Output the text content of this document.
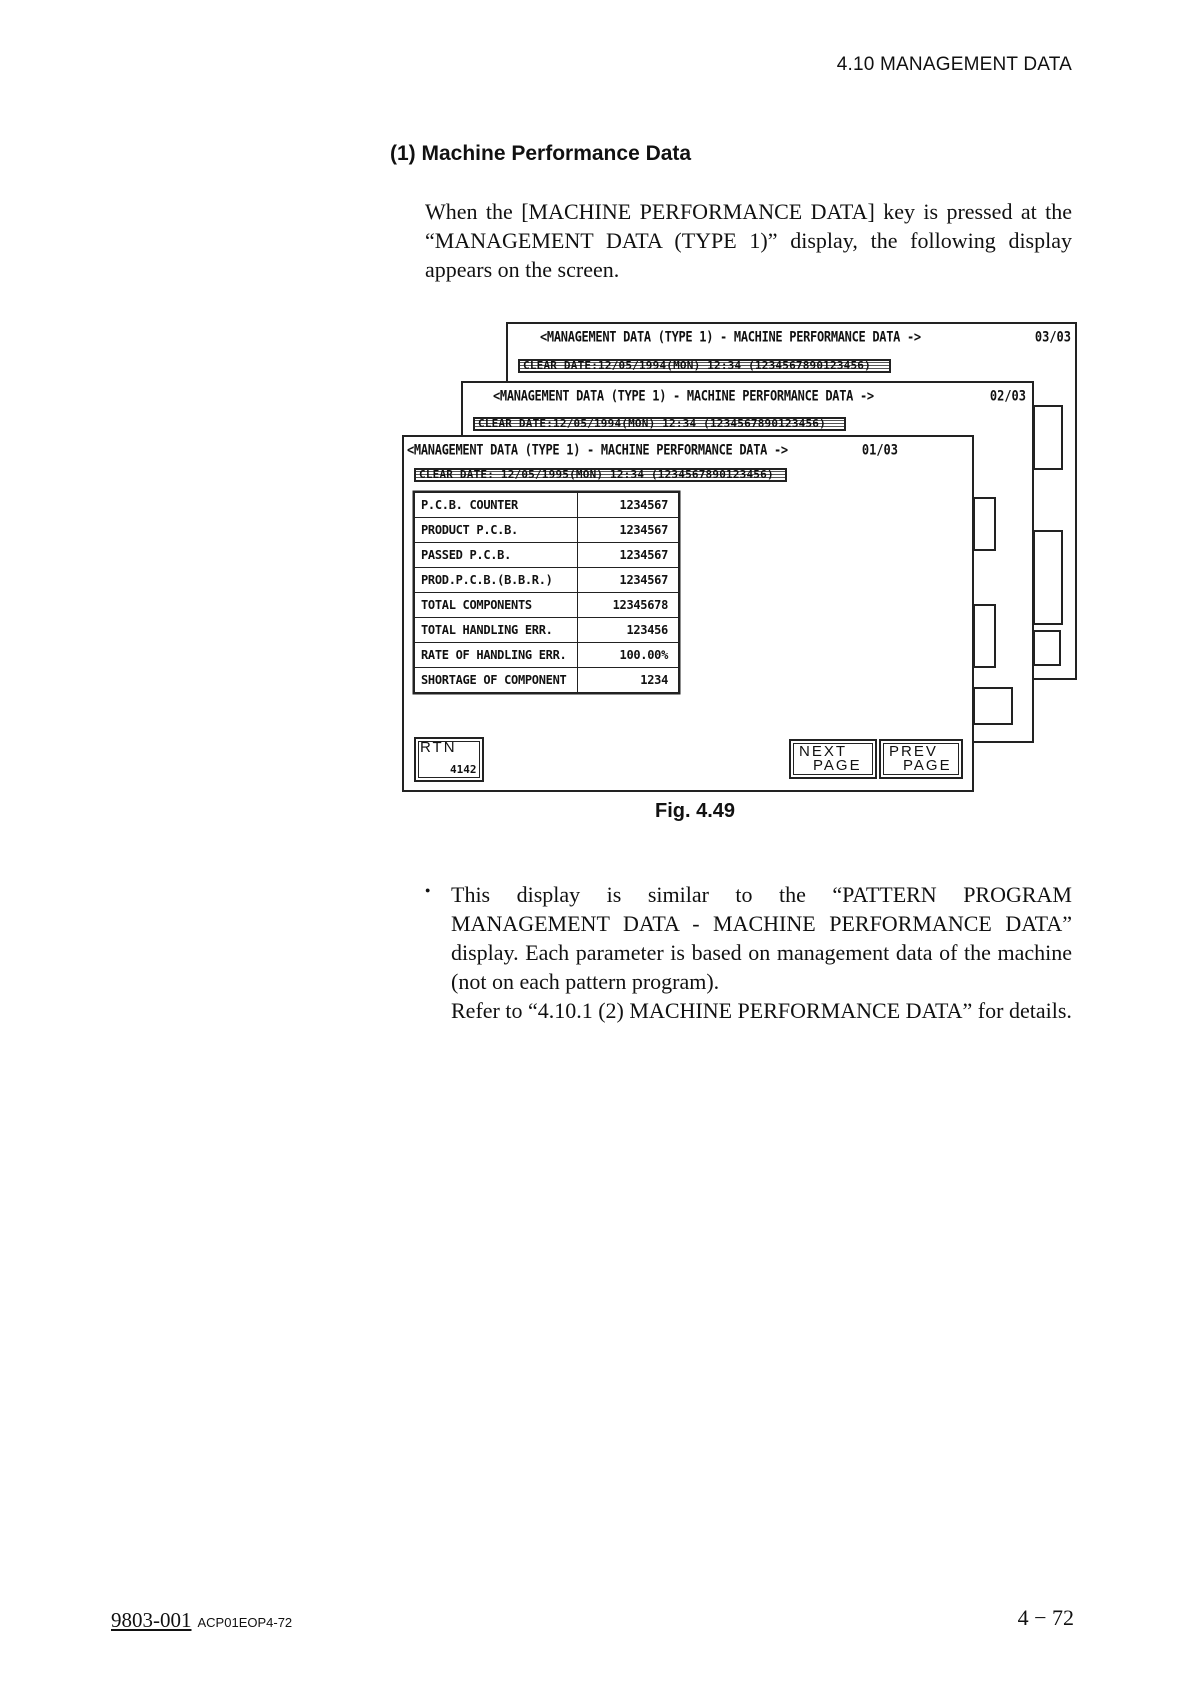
4.10 MANAGEMENT DATA
(1) Machine Performance Data
When the [MACHINE PERFORMANCE DATA] key is pressed at the “MANAGEMENT DATA (TYPE 1)” display, the following display appears on the screen.
<MANAGEMENT DATA (TYPE 1) - MACHINE PERFORMANCE DATA ->	03/03
CLEAR DATE:12/05/1994(MON) 12:34 (1234567890123456)
<MANAGEMENT DATA (TYPE 1) - MACHINE PERFORMANCE DATA ->	02/03
CLEAR DATE:12/05/1994(MON) 12:34 (1234567890123456)
<MANAGEMENT DATA (TYPE 1) - MACHINE PERFORMANCE DATA ->	01/03
CLEAR DATE: 12/05/1995(MON) 12:34 (1234567890123456)
P.C.B. COUNTER	1234567
PRODUCT P.C.B.	1234567
PASSED P.C.B.	1234567
PROD.P.C.B.(B.B.R.)	1234567
TOTAL COMPONENTS	12345678
TOTAL HANDLING ERR.	123456
RATE OF HANDLING ERR.	100.00%
SHORTAGE OF COMPONENT	1234
RTN
4142
NEXT
PAGE
PREV
PAGE
Fig. 4.49
● This display is similar to the “PATTERN PROGRAM MANAGEMENT DATA - MACHINE PERFORMANCE DATA” display. Each parameter is based on management data of the machine (not on each pattern program).
Refer to “4.10.1 (2) MACHINE PERFORMANCE DATA” for details.
9803-001 ACP01EOP4-72	4 − 72
